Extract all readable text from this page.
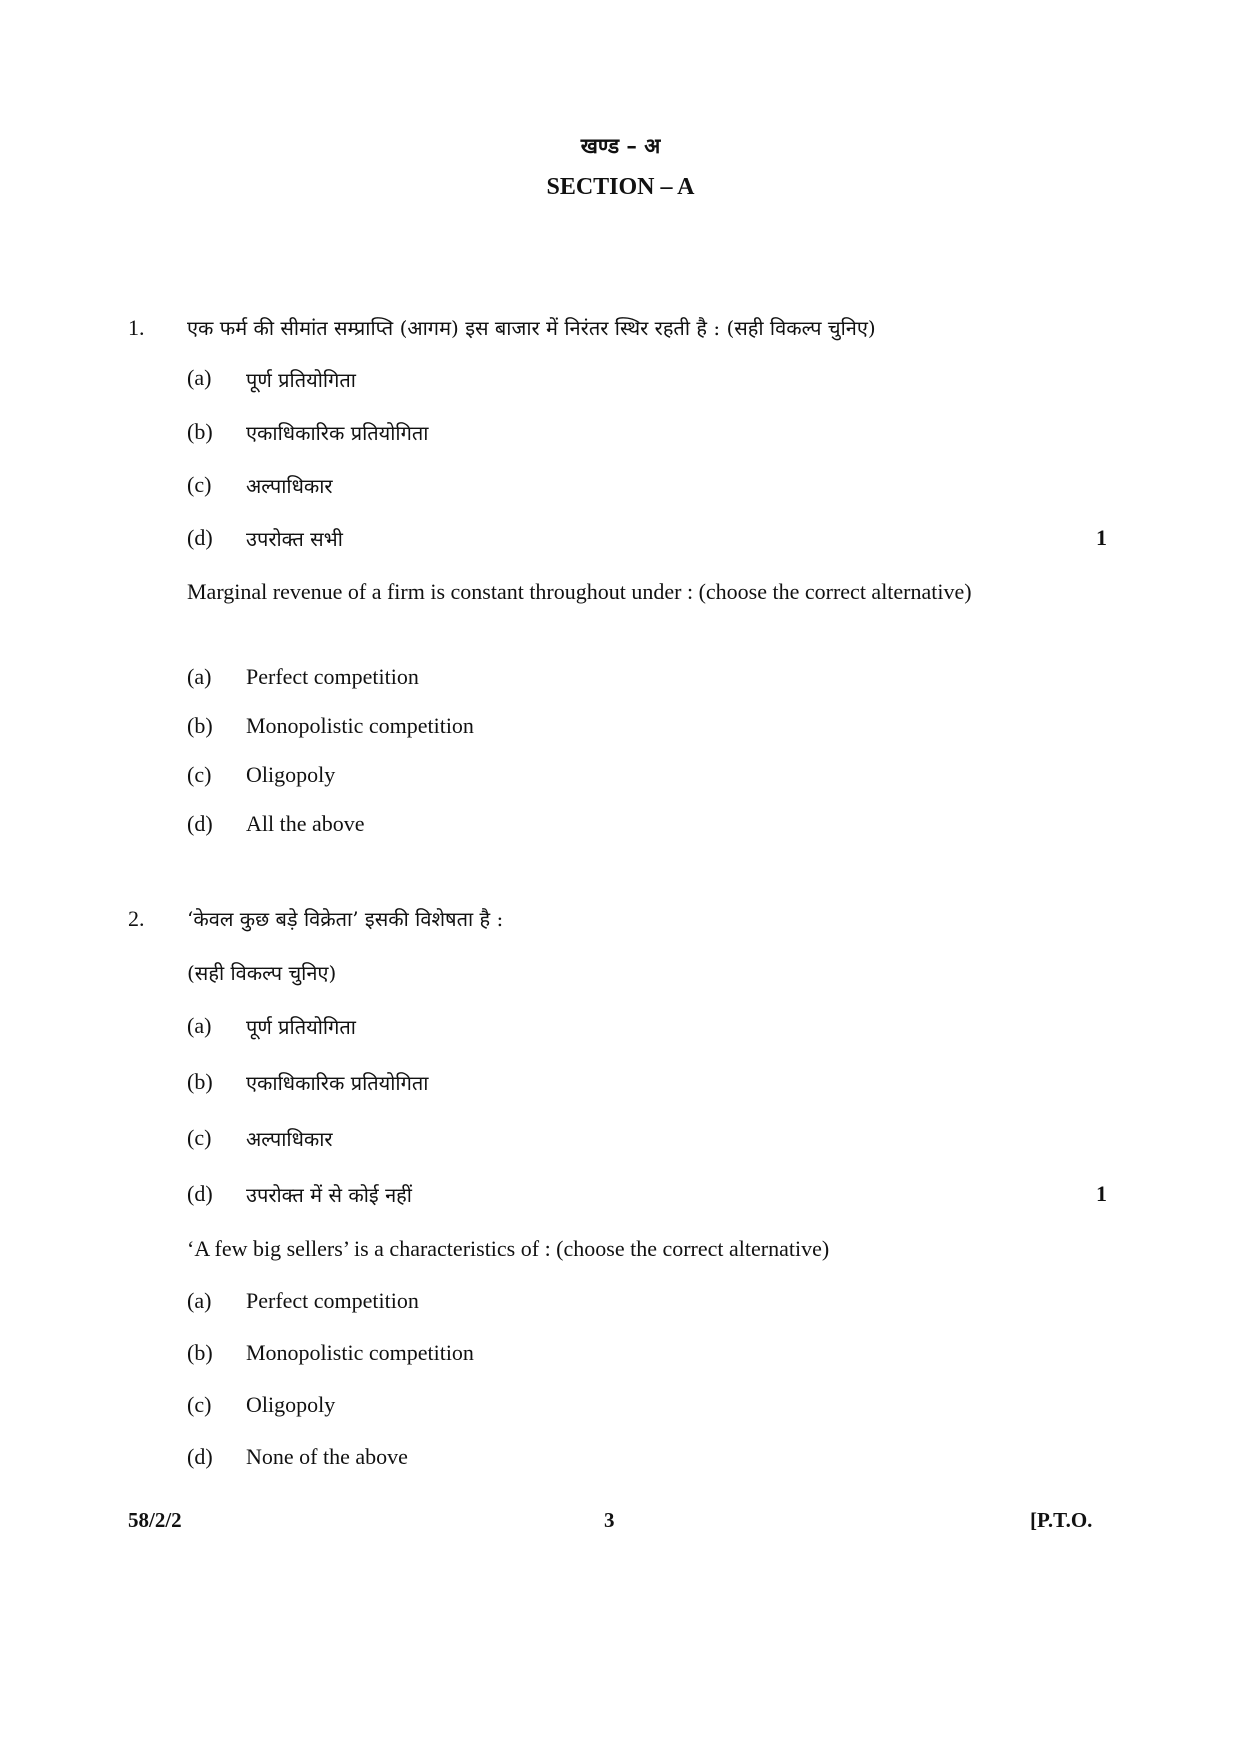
खण्ड – अ
SECTION – A
1. एक फर्म की सीमांत सम्प्राप्ति (आगम) इस बाजार में निरंतर स्थिर रहती है : (सही विकल्प चुनिए)
(a) पूर्ण प्रतियोगिता
(b) एकाधिकारिक प्रतियोगिता
(c) अल्पाधिकार
(d) उपरोक्त सभी	1
Marginal revenue of a firm is constant throughout under : (choose the correct alternative)
(a) Perfect competition
(b) Monopolistic competition
(c) Oligopoly
(d) All the above
2. ‘केवल कुछ बड़े विक्रेता’ इसकी विशेषता है :
(सही विकल्प चुनिए)
(a) पूर्ण प्रतियोगिता
(b) एकाधिकारिक प्रतियोगिता
(c) अल्पाधिकार
(d) उपरोक्त में से कोई नहीं	1
‘A few big sellers’ is a characteristics of : (choose the correct alternative)
(a) Perfect competition
(b) Monopolistic competition
(c) Oligopoly
(d) None of the above
58/2/2	3	[P.T.O.
